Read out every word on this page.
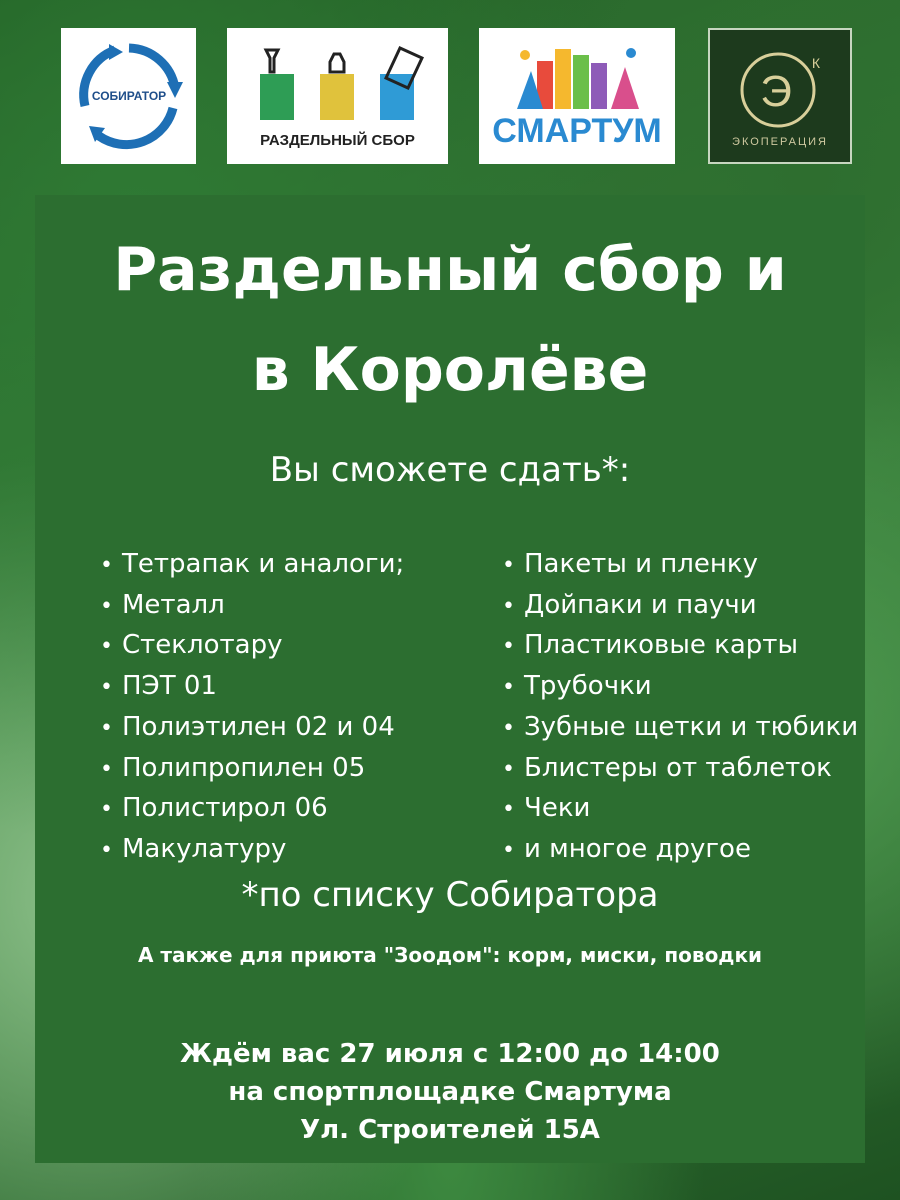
СОБИРАТОР
РАЗДЕЛЬНЫЙ СБОР СМАРТУМ
Э
К
ЭКОПЕРАЦИЯ
Раздельный сбор и
в Королёве
Вы сможете сдать*:
• Тетрапак и аналоги;
• Металл
• Стеклотару
• ПЭТ 01
• Полиэтилен 02 и 04
• Полипропилен 05
• Полистирол 06
• Макулатуру
• Пакеты и пленку
• Дойпаки и паучи
• Пластиковые карты
• Трубочки
• Зубные щетки и тюбики
• Блистеры от таблеток
• Чеки
• и многое другое
*по списку Собиратора
А также для приюта "Зоодом": корм, миски, поводки
Ждём вас 27 июля с 12:00 до 14:00
на спортплощадке Смартума
Ул. Строителей 15А
